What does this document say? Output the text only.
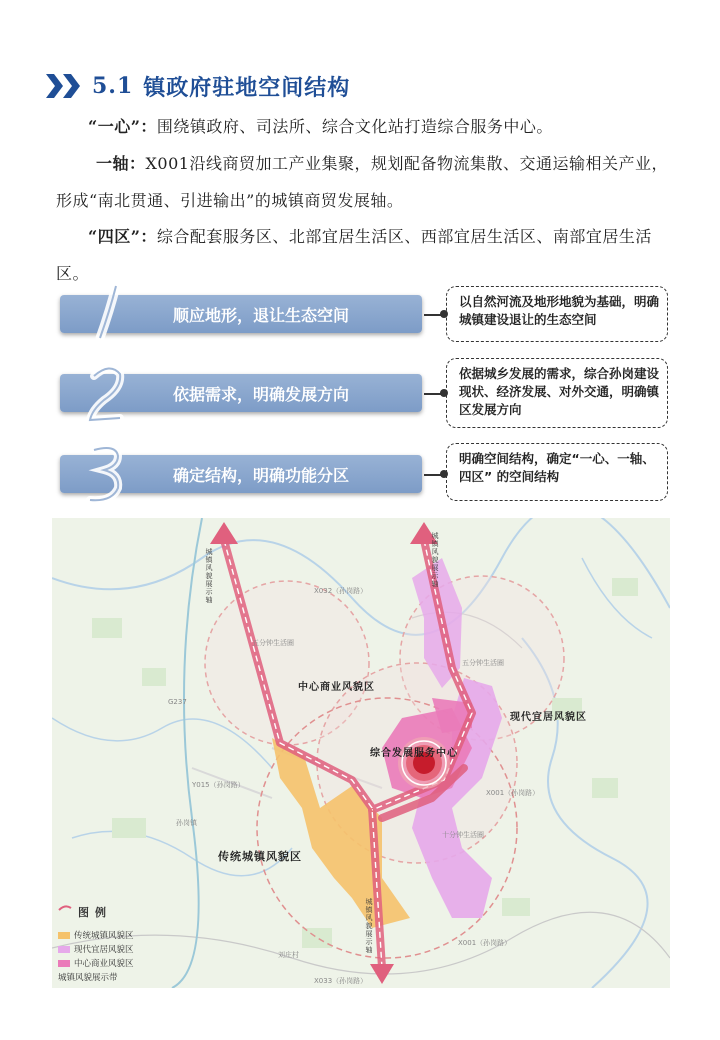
5.1 镇政府驻地空间结构
“一心”：围绕镇政府、司法所、综合文化站打造综合服务中心。
一轴：X001沿线商贸加工产业集聚，规划配备物流集散、交通运输相关产业，形成“南北贯通、引进输出”的城镇商贸发展轴。
“四区”：综合配套服务区、北部宜居生活区、西部宜居生活区、南部宜居生活区。
顺应地形，退让生态空间
以自然河流及地形地貌为基础，明确城镇建设退让的生态空间
依据需求，明确发展方向
依据城乡发展的需求，综合孙岗建设现状、经济发展、对外交通，明确镇区发展方向
确定结构，明确功能分区
明确空间结构，确定“一心、一轴、四区” 的空间结构
中心商业风貌区
现代宜居风貌区
综合发展服务中心
传统城镇风貌区
城镇风貌展示轴	城镇风貌展示轴
城镇风貌展示轴
五分钟生活圈
五分钟生活圈
十分钟生活圈
X032（孙岗路）
G237
Y015（孙岗路）
X001（孙岗路）
X033（孙岗路）
X001（孙岗路）
孙岗镇
刘庄村
图例
传统城镇风貌区
现代宜居风貌区
中心商业风貌区
城镇风貌展示带
